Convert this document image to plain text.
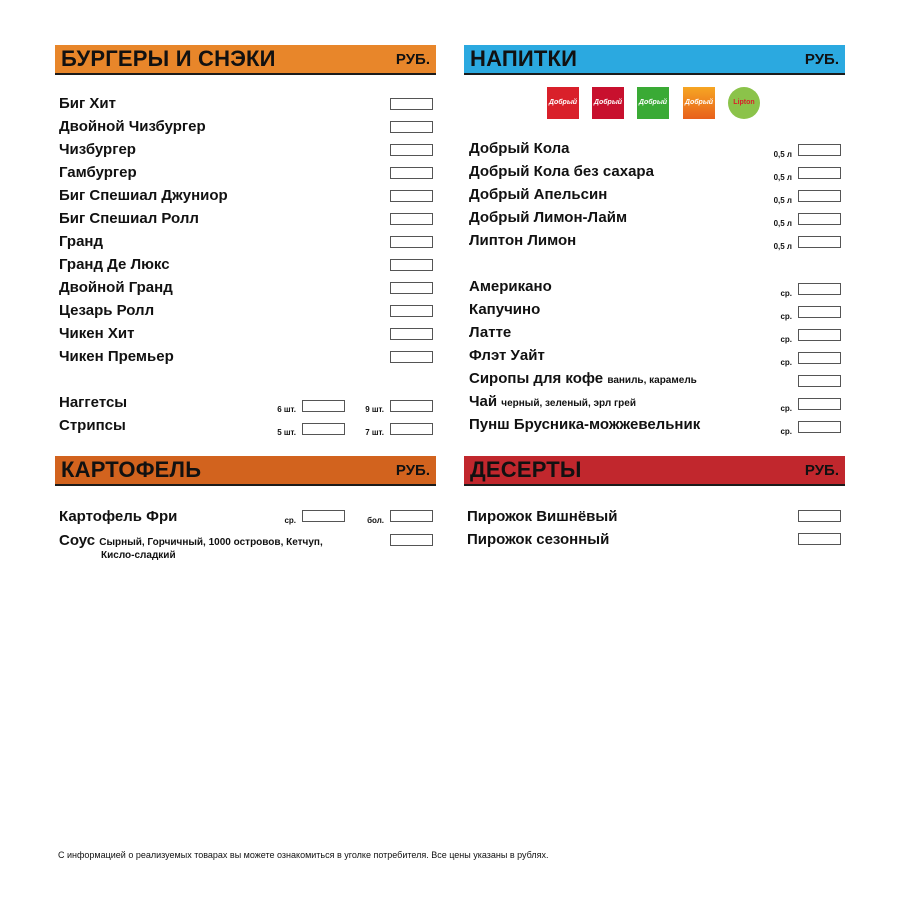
БУРГЕРЫ И СНЭКИ	РУБ. НАПИТКИ	РУБ.
КАРТОФЕЛЬ	РУБ. ДЕСЕРТЫ	РУБ.
Биг Хит
Двойной Чизбургер
Чизбургер
Гамбургер
Биг Спешиал Джуниор
Биг Спешиал Ролл
Гранд
Гранд Де Люкс
Двойной Гранд
Цезарь Ролл
Чикен Хит
Чикен Премьер
Наггетсы	6 шт.	9 шт.
Стрипсы	5 шт.	7 шт.
Добрый Добрый Добрый	Добрый	Lipton
Добрый Кола	0,5 л
Добрый Кола без сахара	0,5 л
Добрый Апельсин	0,5 л
Добрый Лимон-Лайм	0,5 л
Липтон Лимон	0,5 л
Американо	ср.
Капучино	ср.
Латте	ср.
Флэт Уайт	ср.
Сиропы для кофе ваниль, карамель
Чай черный, зеленый, эрл грей	ср.
Пунш Брусника-можжевельник	ср.
Картофель Фри	ср.	бол.
Соус Сырный, Горчичный, 1000 островов, Кетчуп,
Кисло-сладкий
Пирожок Вишнёвый
Пирожок сезонный
С информацией о реализуемых товарах вы можете ознакомиться в уголке потребителя. Все цены указаны в рублях.
